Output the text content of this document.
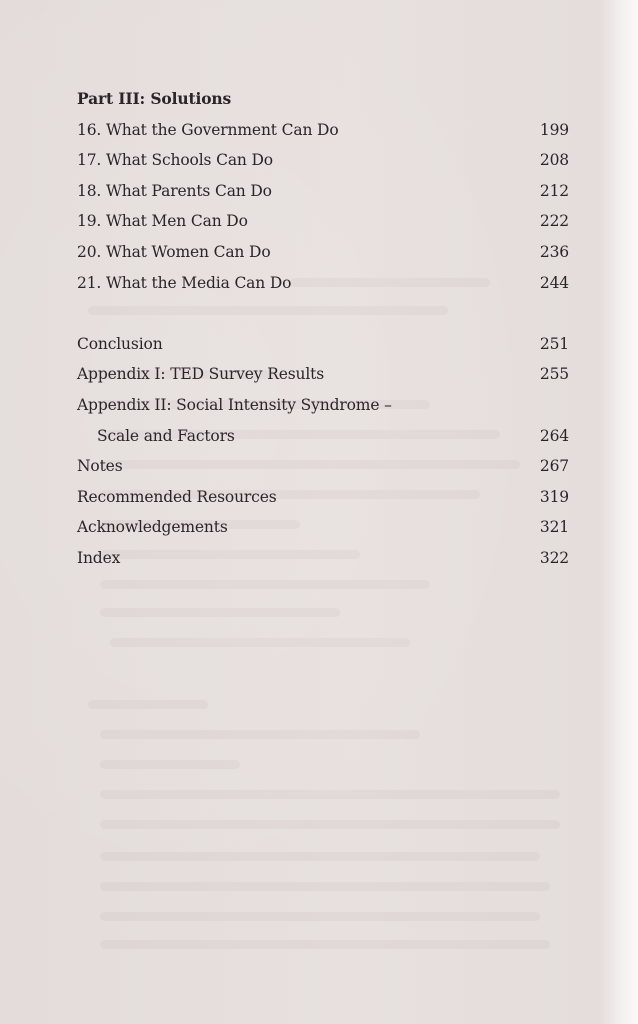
Part III: Solutions
16. What the Government Can Do	199
17. What Schools Can Do	208
18. What Parents Can Do	212
19. What Men Can Do	222
20. What Women Can Do	236
21. What the Media Can Do	244
Conclusion	251
Appendix I: TED Survey Results	255
Appendix II: Social Intensity Syndrome –
Scale and Factors	264
Notes	267
Recommended Resources	319
Acknowledgements	321
Index	322
